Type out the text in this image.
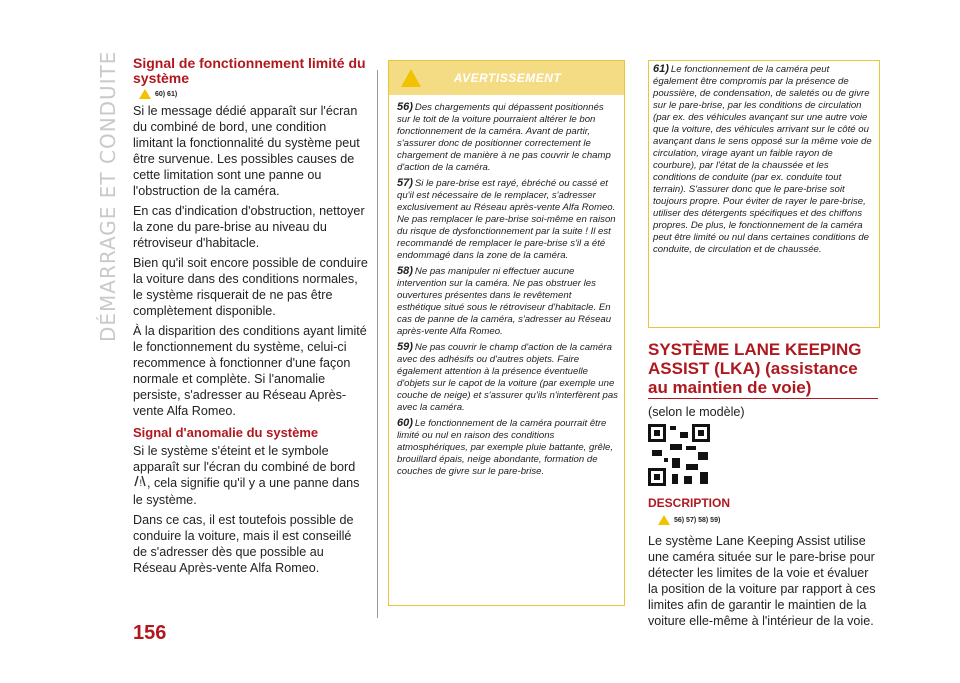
DÉMARRAGE ET CONDUITE Signal de fonctionnement limité du système
60) 61)

Si le message dédié apparaît sur l'écran du combiné de bord, une condition limitant la fonctionnalité du système peut être survenue. Les possibles causes de cette limitation sont une panne ou l'obstruction de la caméra.

En cas d'indication d'obstruction, nettoyer la zone du pare-brise au niveau du rétroviseur d'habitacle.

Bien qu'il soit encore possible de conduire la voiture dans des conditions normales, le système risquerait de ne pas être complètement disponible.

À la disparition des conditions ayant limité le fonctionnement du système, celui-ci recommence à fonctionner d'une façon normale et complète. Si l'anomalie persiste, s'adresser au Réseau Après-vente Alfa Romeo.

Signal d'anomalie du système

Si le système s'éteint et le symbole apparaît sur l'écran du combiné de bord
! , cela signifie qu'il y a une panne dans le système.

Dans ce cas, il est toutefois possible de conduire la voiture, mais il est conseillé de s'adresser dès que possible au Réseau Après-vente Alfa Romeo.

156
AVERTISSEMENT

56) Des chargements qui dépassent positionnés sur le toit de la voiture pourraient altérer le bon fonctionnement de la caméra. Avant de partir, s'assurer donc de positionner correctement le chargement de manière à ne pas couvrir le champ d'action de la caméra.

57) Si le pare-brise est rayé, ébréché ou cassé et qu'il est nécessaire de le remplacer, s'adresser exclusivement au Réseau après-vente Alfa Romeo. Ne pas remplacer le pare-brise soi-même en raison du risque de dysfonctionnement par la suite ! Il est recommandé de remplacer le pare-brise s'il a été endommagé dans la zone de la caméra.

58) Ne pas manipuler ni effectuer aucune intervention sur la caméra. Ne pas obstruer les ouvertures présentes dans le revêtement esthétique situé sous le rétroviseur d'habitacle. En cas de panne de la caméra, s'adresser au Réseau après-vente Alfa Romeo.

59) Ne pas couvrir le champ d'action de la caméra avec des adhésifs ou d'autres objets. Faire également attention à la présence éventuelle d'objets sur le capot de la voiture (par exemple une couche de neige) et s'assurer qu'ils n'interfèrent pas avec la caméra.

60) Le fonctionnement de la caméra pourrait être limité ou nul en raison des conditions atmosphériques, par exemple pluie battante, grêle, brouillard épais, neige abondante, formation de couches de givre sur le pare-brise.

61) Le fonctionnement de la caméra peut également être compromis par la présence de poussière, de condensation, de saletés ou de givre sur le pare-brise, par les conditions de circulation (par ex. des véhicules avançant sur une autre voie que la voiture, des véhicules arrivant sur le côté ou avançant dans le sens opposé sur la même voie de circulation, virage ayant un faible rayon de courbure), par l'état de la chaussée et les conditions de conduite (par ex. conduite tout terrain). S'assurer donc que le pare-brise soit toujours propre. Pour éviter de rayer le pare-brise, utiliser des détergents spécifiques et des chiffons propres. De plus, le fonctionnement de la caméra peut être limité ou nul dans certaines conditions de conduite, de circulation et de chaussée.

SYSTÈME LANE KEEPING ASSIST (LKA) (assistance au maintien de voie)
(selon le modèle)
DESCRIPTION
56) 57) 58) 59)
Le système Lane Keeping Assist utilise une caméra située sur le pare-brise pour détecter les limites de la voie et évaluer la position de la voiture par rapport à ces limites afin de garantir le maintien de la voiture elle-même à l'intérieur de la voie.
